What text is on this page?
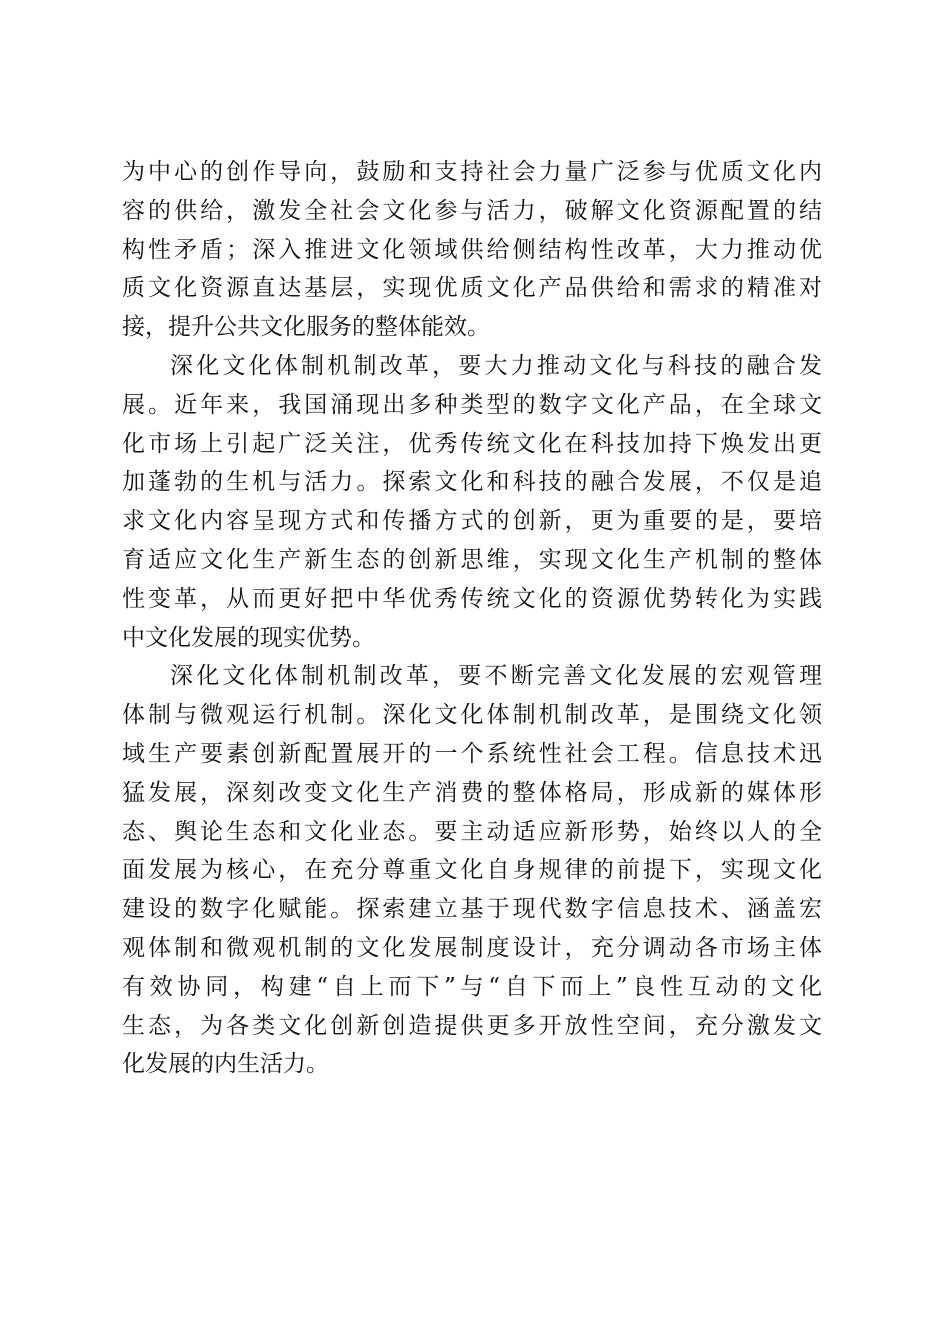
为中心的创作导向，鼓励和支持社会力量广泛参与优质文化内
容的供给，激发全社会文化参与活力，破解文化资源配置的结
构性矛盾；深入推进文化领域供给侧结构性改革，大力推动优
质文化资源直达基层，实现优质文化产品供给和需求的精准对
接，提升公共文化服务的整体能效。
深化文化体制机制改革，要大力推动文化与科技的融合发
展。近年来，我国涌现出多种类型的数字文化产品，在全球文
化市场上引起广泛关注，优秀传统文化在科技加持下焕发出更
加蓬勃的生机与活力。探索文化和科技的融合发展，不仅是追
求文化内容呈现方式和传播方式的创新，更为重要的是，要培
育适应文化生产新生态的创新思维，实现文化生产机制的整体
性变革，从而更好把中华优秀传统文化的资源优势转化为实践
中文化发展的现实优势。
深化文化体制机制改革，要不断完善文化发展的宏观管理
体制与微观运行机制。深化文化体制机制改革，是围绕文化领
域生产要素创新配置展开的一个系统性社会工程。信息技术迅
猛发展，深刻改变文化生产消费的整体格局，形成新的媒体形
态、舆论生态和文化业态。要主动适应新形势，始终以人的全
面发展为核心，在充分尊重文化自身规律的前提下，实现文化
建设的数字化赋能。探索建立基于现代数字信息技术、涵盖宏
观体制和微观机制的文化发展制度设计，充分调动各市场主体
有效协同，构建“自上而下”与“自下而上”良性互动的文化
生态，为各类文化创新创造提供更多开放性空间，充分激发文
化发展的内生活力。
